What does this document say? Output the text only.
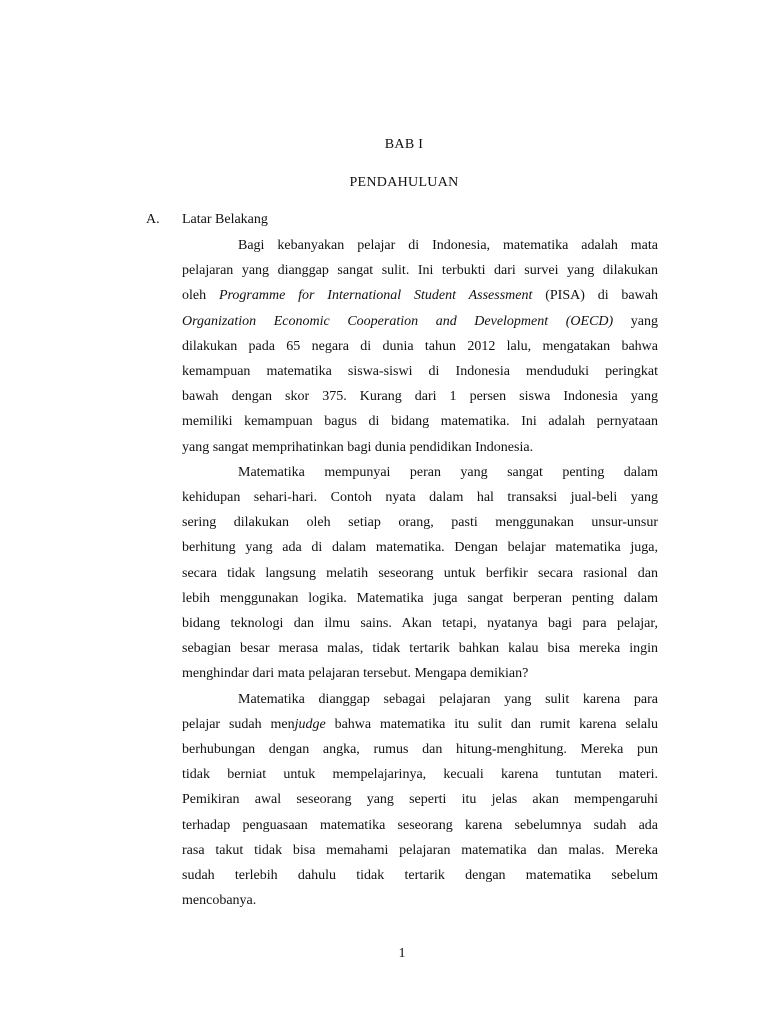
BAB I
PENDAHULUAN
A. Latar Belakang
Bagi kebanyakan pelajar di Indonesia, matematika adalah mata
pelajaran yang dianggap sangat sulit. Ini terbukti dari survei yang dilakukan
oleh Programme for International Student Assessment (PISA) di bawah
Organization Economic Cooperation and Development (OECD) yang
dilakukan pada 65 negara di dunia tahun 2012 lalu, mengatakan bahwa
kemampuan matematika siswa-siswi di Indonesia menduduki peringkat
bawah dengan skor 375. Kurang dari 1 persen siswa Indonesia yang
memiliki kemampuan bagus di bidang matematika. Ini adalah pernyataan
yang sangat memprihatinkan bagi dunia pendidikan Indonesia.
Matematika mempunyai peran yang sangat penting dalam
kehidupan sehari-hari. Contoh nyata dalam hal transaksi jual-beli yang
sering dilakukan oleh setiap orang, pasti menggunakan unsur-unsur
berhitung yang ada di dalam matematika. Dengan belajar matematika juga,
secara tidak langsung melatih seseorang untuk berfikir secara rasional dan
lebih menggunakan logika. Matematika juga sangat berperan penting dalam
bidang teknologi dan ilmu sains. Akan tetapi, nyatanya bagi para pelajar,
sebagian besar merasa malas, tidak tertarik bahkan kalau bisa mereka ingin
menghindar dari mata pelajaran tersebut. Mengapa demikian?
Matematika dianggap sebagai pelajaran yang sulit karena para
pelajar sudah menjudge bahwa matematika itu sulit dan rumit karena selalu
berhubungan dengan angka, rumus dan hitung-menghitung. Mereka pun
tidak berniat untuk mempelajarinya, kecuali karena tuntutan materi.
Pemikiran awal seseorang yang seperti itu jelas akan mempengaruhi
terhadap penguasaan matematika seseorang karena sebelumnya sudah ada
rasa takut tidak bisa memahami pelajaran matematika dan malas. Mereka
sudah terlebih dahulu tidak tertarik dengan matematika sebelum
mencobanya.
1
